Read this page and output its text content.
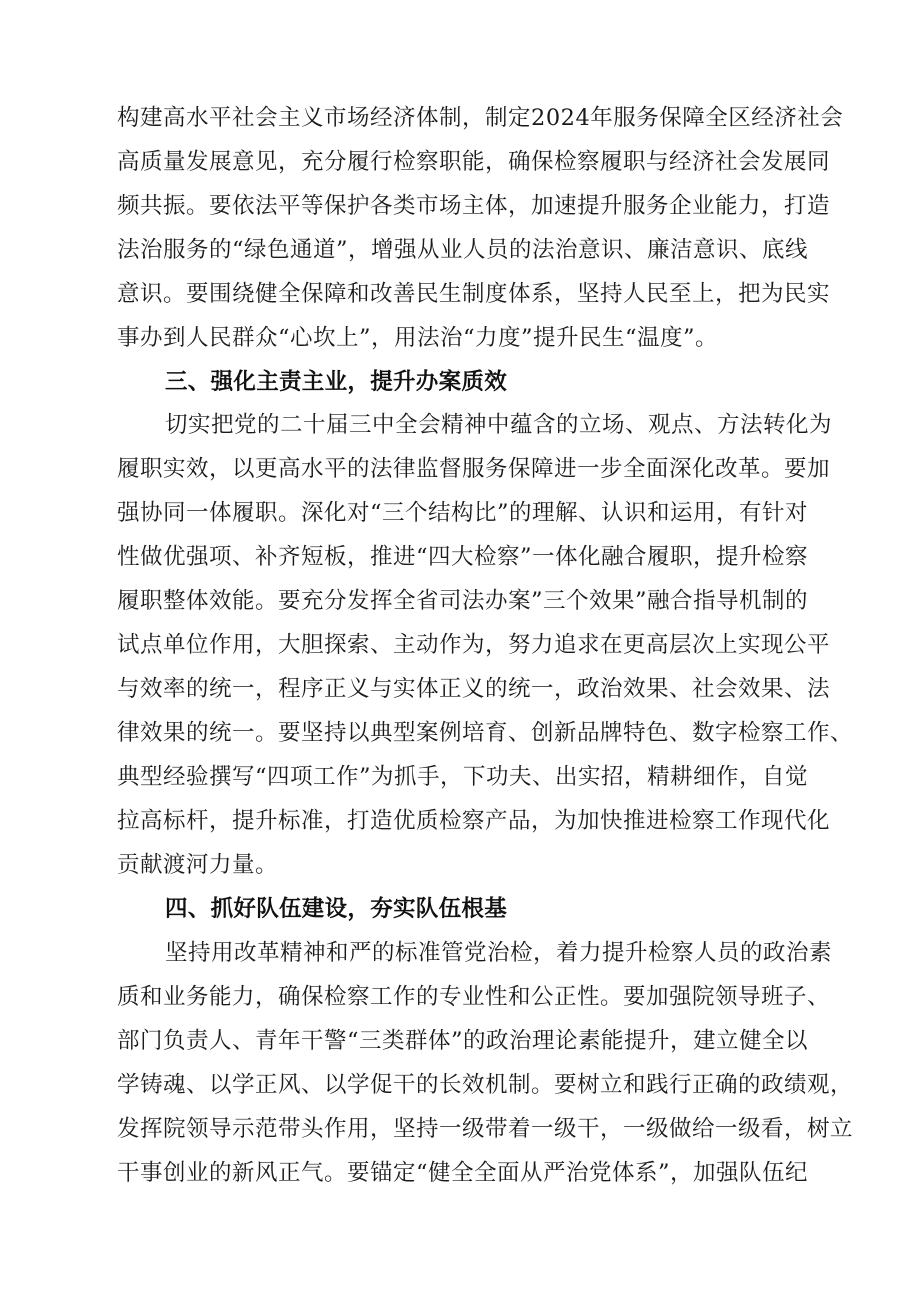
构建高水平社会主义市场经济体制，制定2024年服务保障全区经济社会
高质量发展意见，充分履行检察职能，确保检察履职与经济社会发展同
频共振。要依法平等保护各类市场主体，加速提升服务企业能力，打造
法治服务的“绿色通道”，增强从业人员的法治意识、廉洁意识、底线
意识。要围绕健全保障和改善民生制度体系，坚持人民至上，把为民实
事办到人民群众“心坎上”，用法治“力度”提升民生“温度”。
三、强化主责主业，提升办案质效
切实把党的二十届三中全会精神中蕴含的立场、观点、方法转化为
履职实效，以更高水平的法律监督服务保障进一步全面深化改革。要加
强协同一体履职。深化对“三个结构比”的理解、认识和运用，有针对
性做优强项、补齐短板，推进“四大检察”一体化融合履职，提升检察
履职整体效能。要充分发挥全省司法办案”三个效果”融合指导机制的
试点单位作用，大胆探索、主动作为，努力追求在更高层次上实现公平
与效率的统一，程序正义与实体正义的统一，政治效果、社会效果、法
律效果的统一。要坚持以典型案例培育、创新品牌特色、数字检察工作、
典型经验撰写“四项工作”为抓手，下功夫、出实招，精耕细作，自觉
拉高标杆，提升标准，打造优质检察产品，为加快推进检察工作现代化
贡献渡河力量。
四、抓好队伍建设，夯实队伍根基
坚持用改革精神和严的标准管党治检，着力提升检察人员的政治素
质和业务能力，确保检察工作的专业性和公正性。要加强院领导班子、
部门负责人、青年干警“三类群体”的政治理论素能提升，建立健全以
学铸魂、以学正风、以学促干的长效机制。要树立和践行正确的政绩观，
发挥院领导示范带头作用，坚持一级带着一级干，一级做给一级看，树立
干事创业的新风正气。要锚定“健全全面从严治党体系”，加强队伍纪
